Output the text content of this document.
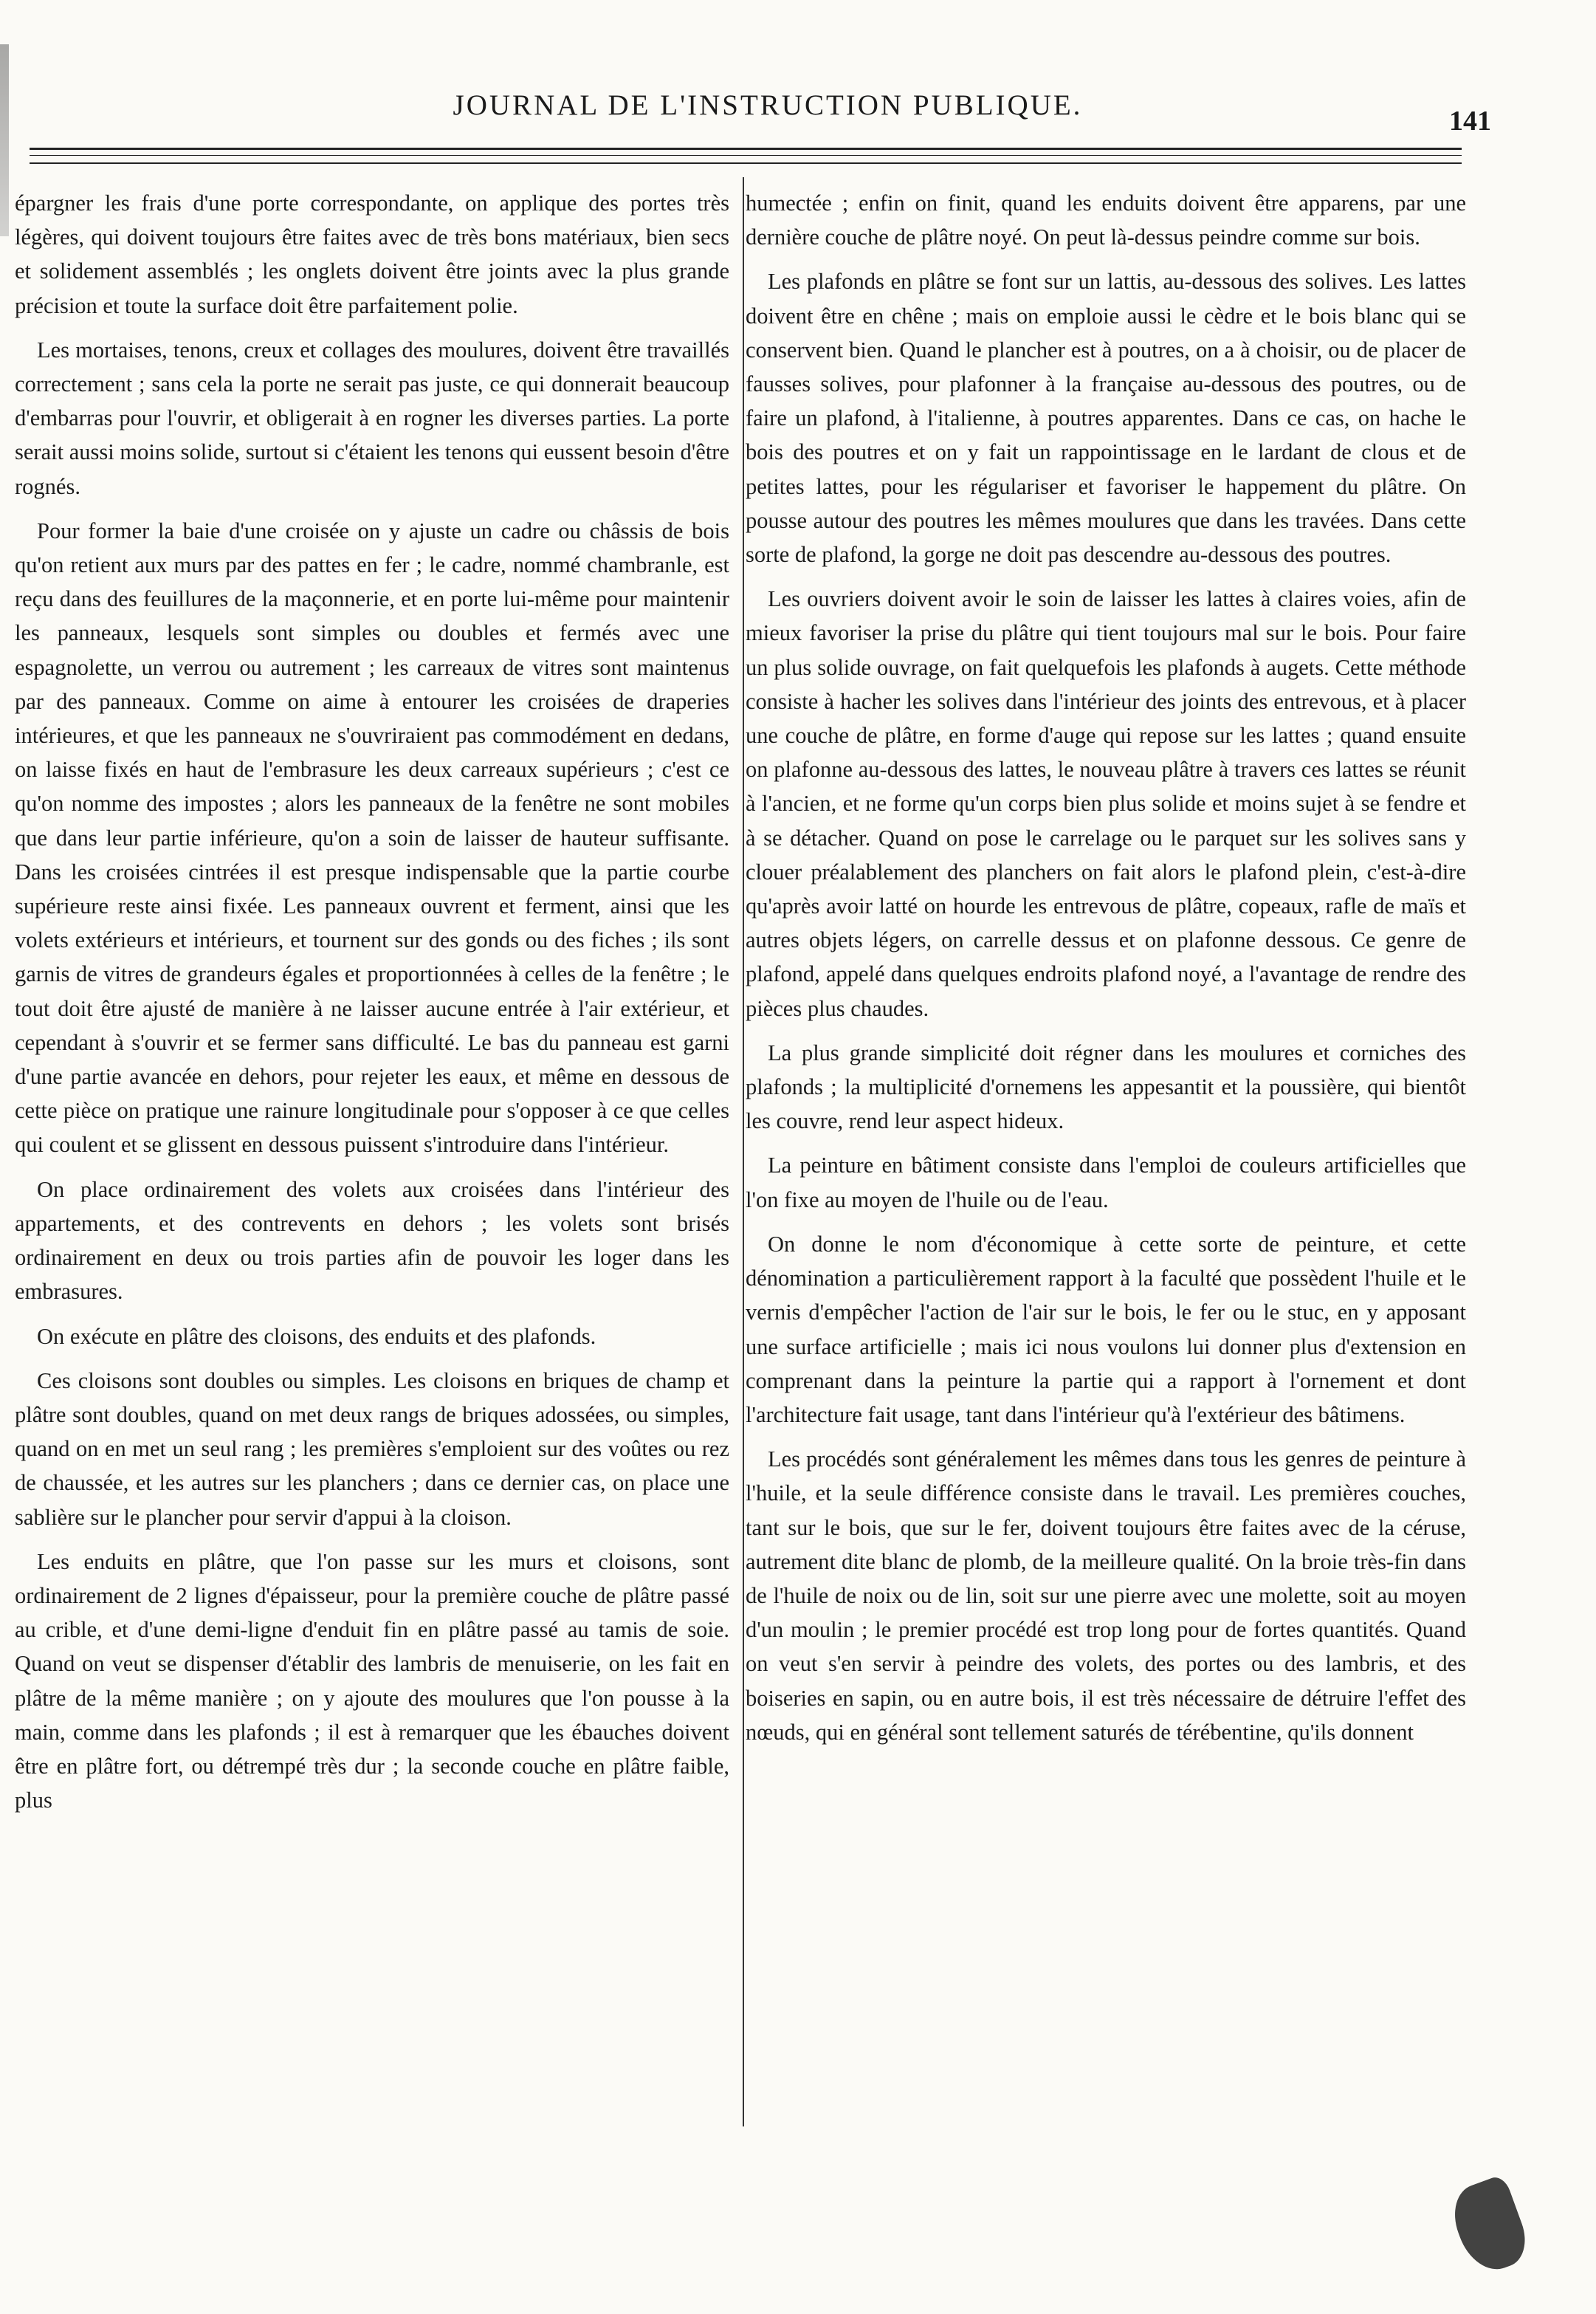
JOURNAL DE L'INSTRUCTION PUBLIQUE.	141

épargner les frais d'une porte correspondante, on applique des portes très légères, qui doivent toujours être faites avec de très bons matériaux, bien secs et solidement assemblés ; les onglets doivent être joints avec la plus grande précision et toute la surface doit être parfaitement polie.

Les mortaises, tenons, creux et collages des moulures, doivent être travaillés correctement ; sans cela la porte ne serait pas juste, ce qui donnerait beaucoup d'embarras pour l'ouvrir, et obligerait à en rogner les diverses parties. La porte serait aussi moins solide, surtout si c'étaient les tenons qui eussent besoin d'être rognés.

Pour former la baie d'une croisée on y ajuste un cadre ou châssis de bois qu'on retient aux murs par des pattes en fer ; le cadre, nommé chambranle, est reçu dans des feuillures de la maçonnerie, et en porte lui-même pour maintenir les panneaux, lesquels sont simples ou doubles et fermés avec une espagnolette, un verrou ou autrement ; les carreaux de vitres sont maintenus par des panneaux. Comme on aime à entourer les croisées de draperies intérieures, et que les panneaux ne s'ouvriraient pas commodément en dedans, on laisse fixés en haut de l'embrasure les deux carreaux supérieurs ; c'est ce qu'on nomme des impostes ; alors les panneaux de la fenêtre ne sont mobiles que dans leur partie inférieure, qu'on a soin de laisser de hauteur suffisante. Dans les croisées cintrées il est presque indispensable que la partie courbe supérieure reste ainsi fixée. Les panneaux ouvrent et ferment, ainsi que les volets extérieurs et intérieurs, et tournent sur des gonds ou des fiches ; ils sont garnis de vitres de grandeurs égales et proportionnées à celles de la fenêtre ; le tout doit être ajusté de manière à ne laisser aucune entrée à l'air extérieur, et cependant à s'ouvrir et se fermer sans difficulté. Le bas du panneau est garni d'une partie avancée en dehors, pour rejeter les eaux, et même en dessous de cette pièce on pratique une rainure longitudinale pour s'opposer à ce que celles qui coulent et se glissent en dessous puissent s'introduire dans l'intérieur.

On place ordinairement des volets aux croisées dans l'intérieur des appartements, et des contrevents en dehors ; les volets sont brisés ordinairement en deux ou trois parties afin de pouvoir les loger dans les embrasures.

On exécute en plâtre des cloisons, des enduits et des plafonds.

Ces cloisons sont doubles ou simples. Les cloisons en briques de champ et plâtre sont doubles, quand on met deux rangs de briques adossées, ou simples, quand on en met un seul rang ; les premières s'emploient sur des voûtes ou rez de chaussée, et les autres sur les planchers ; dans ce dernier cas, on place une sablière sur le plancher pour servir d'appui à la cloison.

Les enduits en plâtre, que l'on passe sur les murs et cloisons, sont ordinairement de 2 lignes d'épaisseur, pour la première couche de plâtre passé au crible, et d'une demi-ligne d'enduit fin en plâtre passé au tamis de soie. Quand on veut se dispenser d'établir des lambris de menuiserie, on les fait en plâtre de la même manière ; on y ajoute des moulures que l'on pousse à la main, comme dans les plafonds ; il est à remarquer que les ébauches doivent être en plâtre fort, ou détrempé très dur ; la seconde couche en plâtre faible, plus

humectée ; enfin on finit, quand les enduits doivent être apparens, par une dernière couche de plâtre noyé. On peut là-dessus peindre comme sur bois.

Les plafonds en plâtre se font sur un lattis, au-dessous des solives. Les lattes doivent être en chêne ; mais on emploie aussi le cèdre et le bois blanc qui se conservent bien. Quand le plancher est à poutres, on a à choisir, ou de placer de fausses solives, pour plafonner à la française au-dessous des poutres, ou de faire un plafond, à l'italienne, à poutres apparentes. Dans ce cas, on hache le bois des poutres et on y fait un rappointissage en le lardant de clous et de petites lattes, pour les régulariser et favoriser le happement du plâtre. On pousse autour des poutres les mêmes moulures que dans les travées. Dans cette sorte de plafond, la gorge ne doit pas descendre au-dessous des poutres.

Les ouvriers doivent avoir le soin de laisser les lattes à claires voies, afin de mieux favoriser la prise du plâtre qui tient toujours mal sur le bois. Pour faire un plus solide ouvrage, on fait quelquefois les plafonds à augets. Cette méthode consiste à hacher les solives dans l'intérieur des joints des entrevous, et à placer une couche de plâtre, en forme d'auge qui repose sur les lattes ; quand ensuite on plafonne au-dessous des lattes, le nouveau plâtre à travers ces lattes se réunit à l'ancien, et ne forme qu'un corps bien plus solide et moins sujet à se fendre et à se détacher. Quand on pose le carrelage ou le parquet sur les solives sans y clouer préalablement des planchers on fait alors le plafond plein, c'est-à-dire qu'après avoir latté on hourde les entrevous de plâtre, copeaux, rafle de maïs et autres objets légers, on carrelle dessus et on plafonne dessous. Ce genre de plafond, appelé dans quelques endroits plafond noyé, a l'avantage de rendre des pièces plus chaudes.

La plus grande simplicité doit régner dans les moulures et corniches des plafonds ; la multiplicité d'ornemens les appesantit et la poussière, qui bientôt les couvre, rend leur aspect hideux.

La peinture en bâtiment consiste dans l'emploi de couleurs artificielles que l'on fixe au moyen de l'huile ou de l'eau.

On donne le nom d'économique à cette sorte de peinture, et cette dénomination a particulièrement rapport à la faculté que possèdent l'huile et le vernis d'empêcher l'action de l'air sur le bois, le fer ou le stuc, en y apposant une surface artificielle ; mais ici nous voulons lui donner plus d'extension en comprenant dans la peinture la partie qui a rapport à l'ornement et dont l'architecture fait usage, tant dans l'intérieur qu'à l'extérieur des bâtimens.

Les procédés sont généralement les mêmes dans tous les genres de peinture à l'huile, et la seule différence consiste dans le travail. Les premières couches, tant sur le bois, que sur le fer, doivent toujours être faites avec de la céruse, autrement dite blanc de plomb, de la meilleure qualité. On la broie très-fin dans de l'huile de noix ou de lin, soit sur une pierre avec une molette, soit au moyen d'un moulin ; le premier procédé est trop long pour de fortes quantités. Quand on veut s'en servir à peindre des volets, des portes ou des lambris, et des boiseries en sapin, ou en autre bois, il est très nécessaire de détruire l'effet des nœuds, qui en général sont tellement saturés de térébentine, qu'ils donnent
